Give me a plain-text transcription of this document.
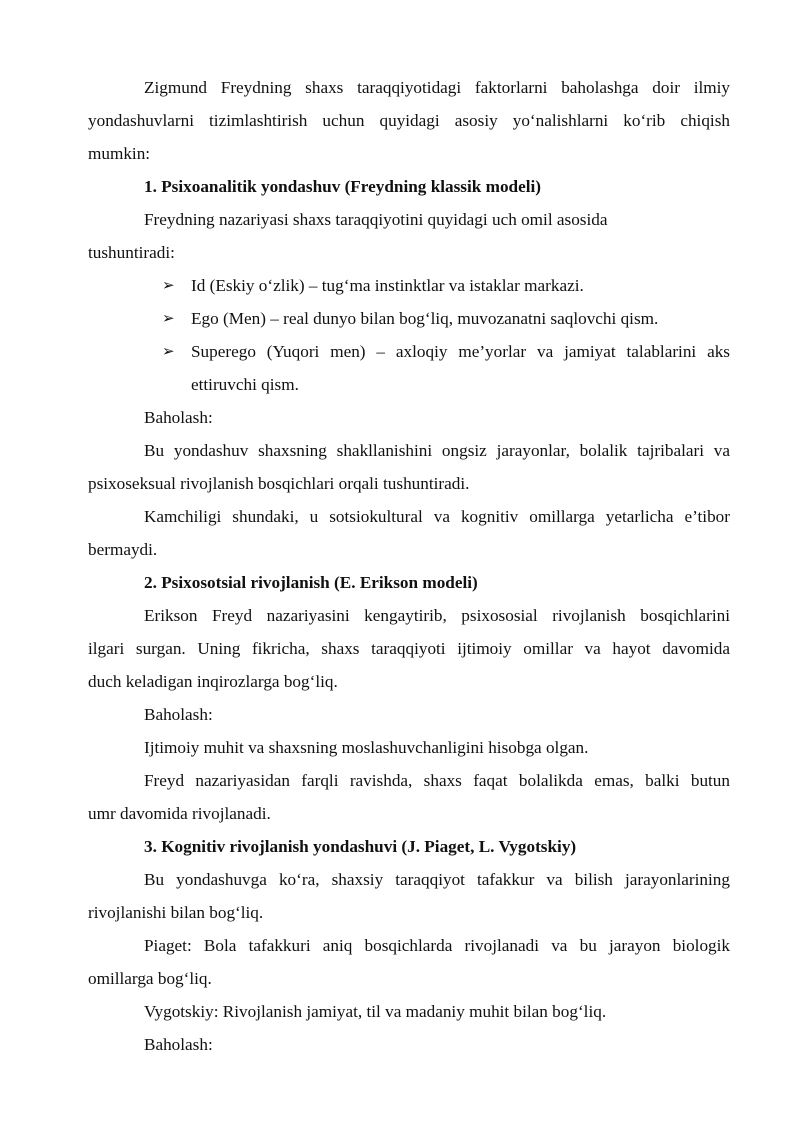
Zigmund Freydning shaxs taraqqiyotidagi faktorlarni baholashga doir ilmiy
yondashuvlarni tizimlashtirish uchun quyidagi asosiy yo‘nalishlarni ko‘rib chiqish
mumkin:
1. Psixoanalitik yondashuv (Freydning klassik modeli)
Freydning nazariyasi shaxs taraqqiyotini quyidagi uch omil asosida
tushuntiradi:
➢ Id (Eskiy o‘zlik) – tug‘ma instinktlar va istaklar markazi.
➢ Ego (Men) – real dunyo bilan bog‘liq, muvozanatni saqlovchi qism.
➢ Superego (Yuqori men) – axloqiy me’yorlar va jamiyat talablarini aks
ettiruvchi qism.
Baholash:
Bu yondashuv shaxsning shakllanishini ongsiz jarayonlar, bolalik tajribalari va
psixoseksual rivojlanish bosqichlari orqali tushuntiradi.
Kamchiligi shundaki, u sotsiokultural va kognitiv omillarga yetarlicha e’tibor
bermaydi.
2. Psixosotsial rivojlanish (E. Erikson modeli)
Erikson Freyd nazariyasini kengaytirib, psixososial rivojlanish bosqichlarini
ilgari surgan. Uning fikricha, shaxs taraqqiyoti ijtimoiy omillar va hayot davomida
duch keladigan inqirozlarga bog‘liq.
Baholash:
Ijtimoiy muhit va shaxsning moslashuvchanligini hisobga olgan.
Freyd nazariyasidan farqli ravishda, shaxs faqat bolalikda emas, balki butun
umr davomida rivojlanadi.
3. Kognitiv rivojlanish yondashuvi (J. Piaget, L. Vygotskiy)
Bu yondashuvga ko‘ra, shaxsiy taraqqiyot tafakkur va bilish jarayonlarining
rivojlanishi bilan bog‘liq.
Piaget: Bola tafakkuri aniq bosqichlarda rivojlanadi va bu jarayon biologik
omillarga bog‘liq.
Vygotskiy: Rivojlanish jamiyat, til va madaniy muhit bilan bog‘liq.
Baholash:
